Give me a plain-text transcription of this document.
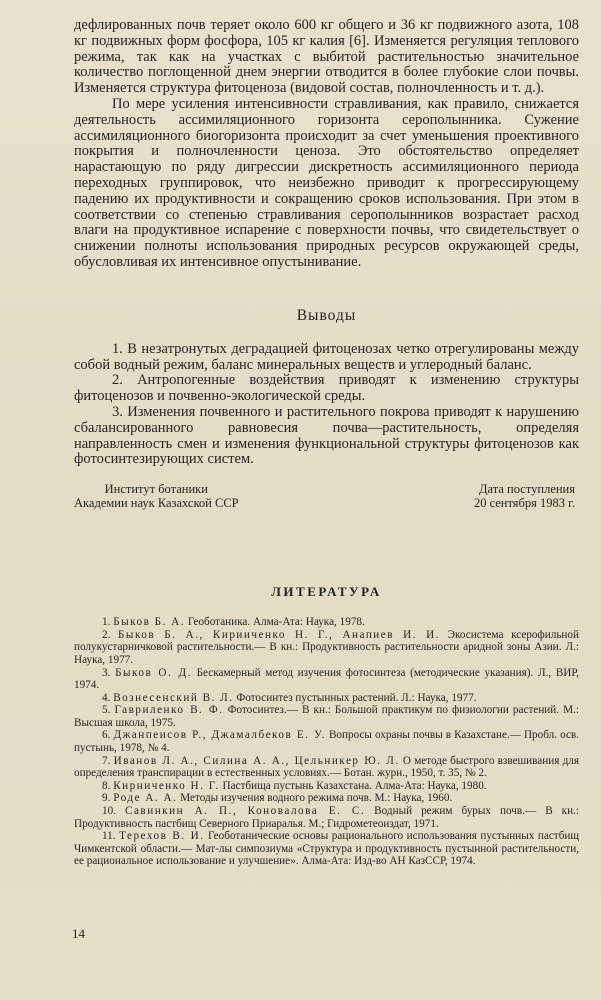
дефлированных почв теряет около 600 кг общего и 36 кг подвижного азота, 108 кг подвижных форм фосфора, 105 кг калия [6]. Изменяется регуляция теплового режима, так как на участках с выбитой растительностью значительное количество поглощенной днем энергии отводится в более глубокие слои почвы. Изменяется структура фитоценоза (видовой состав, полночленность и т. д.).

По мере усиления интенсивности стравливания, как правило, снижается деятельность ассимиляционного горизонта серополынника. Сужение ассимиляционного биогоризонта происходит за счет уменьшения проективного покрытия и полночленности ценоза. Это обстоятельство определяет нарастающую по ряду дигрессии дискретность ассимиляционного периода переходных группировок, что неизбежно приводит к прогрессирующему падению их продуктивности и сокращению сроков использования. При этом в соответствии со степенью стравливания серополынников возрастает расход влаги на продуктивное испарение с поверхности почвы, что свидетельствует о снижении полноты использования природных ресурсов окружающей среды, обусловливая их интенсивное опустынивание.

Выводы

1. В незатронутых деградацией фитоценозах четко отрегулированы между собой водный режим, баланс минеральных веществ и углеродный баланс.

2. Антропогенные воздействия приводят к изменению структуры фитоценозов и почвенно-экологической среды.

3. Изменения почвенного и растительного покрова приводят к нарушению сбалансированного равновесия почва—растительность, определяя направленность смен и изменения функциональной структуры фитоценозов как фотосинтезирующих систем.

Институт ботаники
Академии наук Казахской ССР
Дата поступления
20 сентября 1983 г.
ЛИТЕРАТУРА

1. Быков Б. А. Геоботаника. Алма-Ата: Наука, 1978.

2. Быков Б. А., Кирииченко Н. Г., Анапиев И. И. Экосистема ксерофильной полукустарничковой растительности.— В кн.: Продуктивность растительности аридной зоны Азии. Л.: Наука, 1977.

3. Быков О. Д. Бескамерный метод изучения фотосинтеза (методические указания). Л., ВИР, 1974.

4. Вознесенский В. Л. Фотосинтез пустынных растений. Л.: Наука, 1977.

5. Гавриленко В. Ф. Фотосинтез.— В кн.: Большой практикум по физиологии растений. М.: Высшая школа, 1975.

6. Джанпеисов Р., Джамалбеков Е. У. Вопросы охраны почвы в Казахстане.— Пробл. осв. пустынь, 1978, № 4.

7. Иванов Л. А., Силина А. А., Цельникер Ю. Л. О методе быстрого взвешивания для определения транспирации в естественных условиях.— Ботан. журн., 1950, т. 35, № 2.

8. Кирниченко Н. Г. Пастбища пустынь Казахстана. Алма-Ата: Наука, 1980.

9. Роде А. А. Методы изучения водного режима почв. М.: Наука, 1960.

10. Савинкин А. П., Коновалова Е. С. Водный режим бурых почв.— В кн.: Продуктивность пастбищ Северного Приаралья. М.; Гидрометеоиздат, 1971.

11. Терехов В. И. Геоботанические основы рационального использования пустынных пастбищ Чимкентской области.— Мат-лы симпозиума «Структура и продуктивность пустынной растительности, ее рациональное использование и улучшение». Алма-Ата: Изд-во АН КазССР, 1974.

14
